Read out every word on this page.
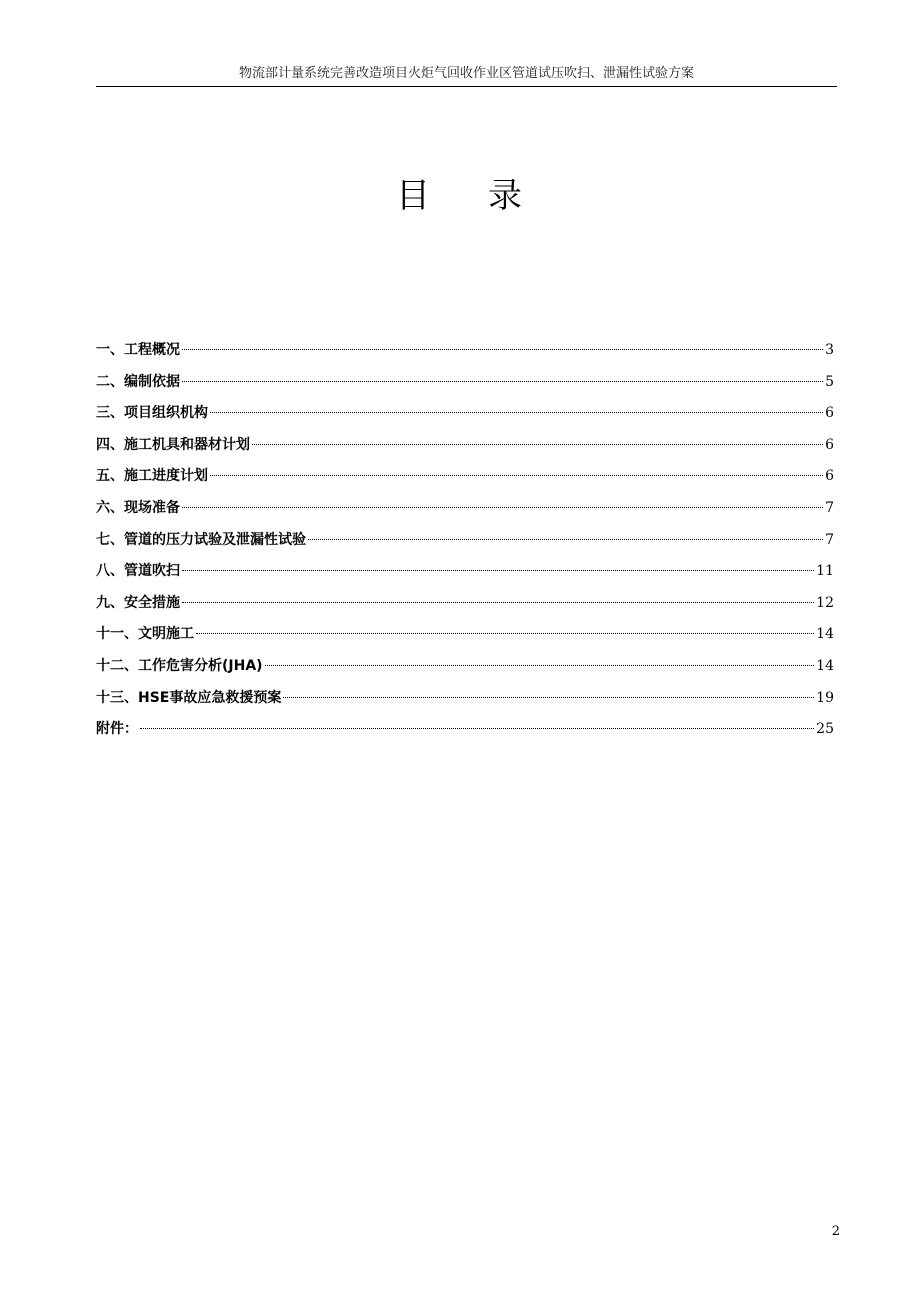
物流部计量系统完善改造项目火炬气回收作业区管道试压吹扫、泄漏性试验方案
目 录
一、工程概况	3
二、编制依据	5
三、项目组织机构	6
四、施工机具和器材计划	6
五、施工进度计划	6
六、现场准备	7
七、管道的压力试验及泄漏性试验	7
八、管道吹扫	11
九、安全措施	12
十一、文明施工	14
十二、工作危害分析(JHA)	14
十三、HSE事故应急救援预案	19
附件：	25
2
